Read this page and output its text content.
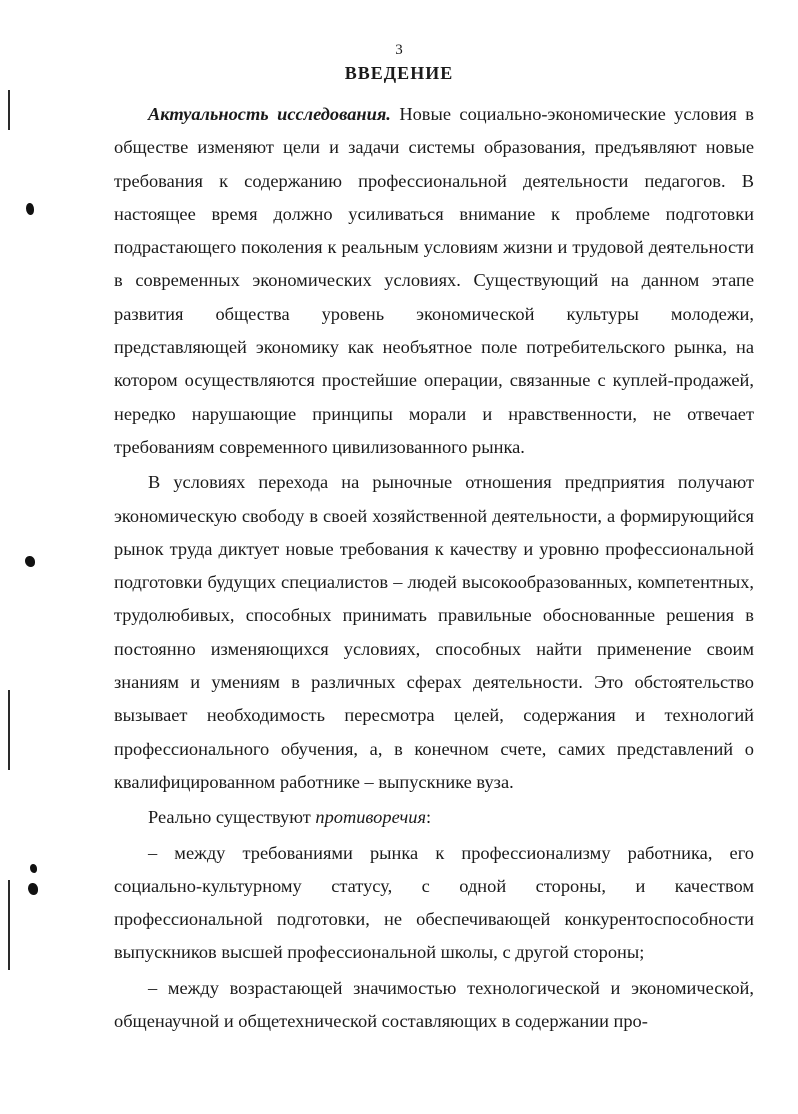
3
ВВЕДЕНИЕ

Актуальность исследования. Новые социально-экономические условия в обществе изменяют цели и задачи системы образования, предъявляют новые требования к содержанию профессиональной деятельности педагогов. В настоящее время должно усиливаться внимание к проблеме подготовки подрастающего поколения к реальным условиям жизни и трудовой деятельности в современных экономических условиях. Существующий на данном этапе развития общества уровень экономической культуры молодежи, представляющей экономику как необъятное поле потребительского рынка, на котором осуществляются простейшие операции, связанные с куплей-продажей, нередко нарушающие принципы морали и нравственности, не отвечает требованиям современного цивилизованного рынка.

В условиях перехода на рыночные отношения предприятия получают экономическую свободу в своей хозяйственной деятельности, а формирующийся рынок труда диктует новые требования к качеству и уровню профессиональной подготовки будущих специалистов – людей высокообразованных, компетентных, трудолюбивых, способных принимать правильные обоснованные решения в постоянно изменяющихся условиях, способных найти применение своим знаниям и умениям в различных сферах деятельности. Это обстоятельство вызывает необходимость пересмотра целей, содержания и технологий профессионального обучения, а, в конечном счете, самих представлений о квалифицированном работнике – выпускнике вуза.

Реально существуют противоречия:

– между требованиями рынка к профессионализму работника, его социально-культурному статусу, с одной стороны, и качеством профессиональной подготовки, не обеспечивающей конкурентоспособности выпускников высшей профессиональной школы, с другой стороны;

– между возрастающей значимостью технологической и экономической, общенаучной и общетехнической составляющих в содержании про-
